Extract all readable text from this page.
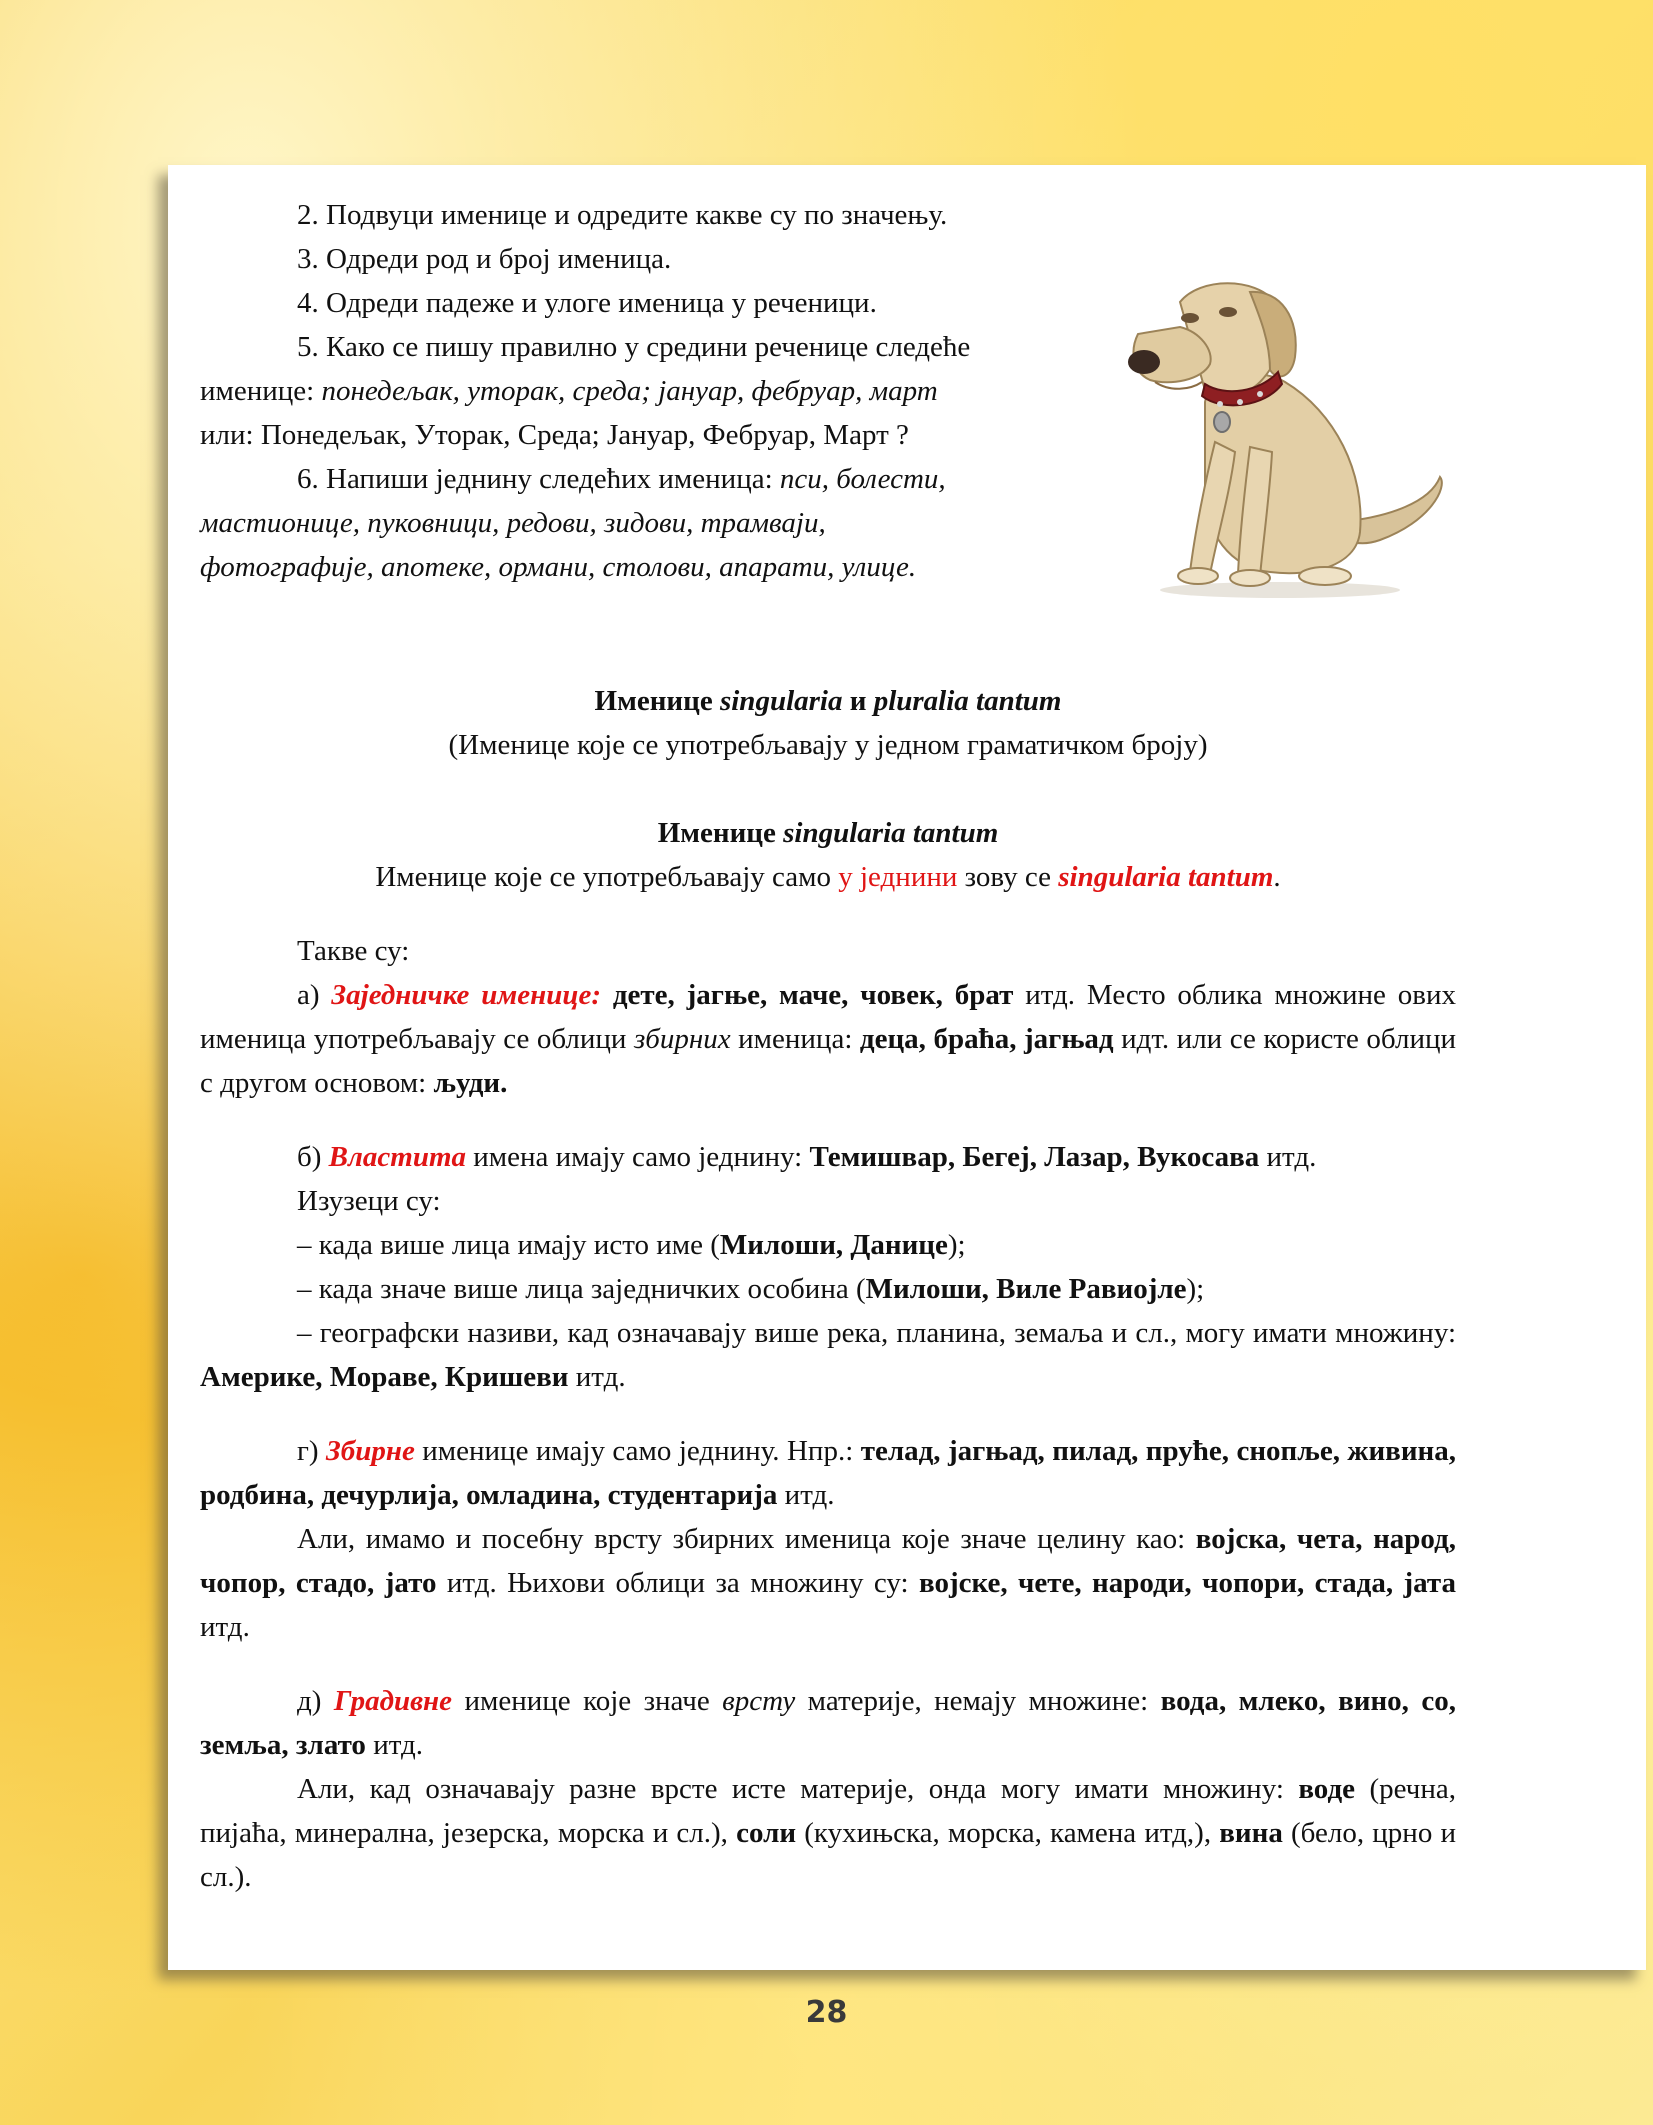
2. Подвуци именице и одредите какве су по значењу.

3. Одреди род и број именица.

4. Одреди падеже и улоге именица у реченици.

5. Како се пишу правилно у средини реченице следеће

именице: понедељак, уторак, среда; јануар, фебруар, март

или: Понедељак, Уторак, Среда; Јануар, Фебруар, Март ?

6. Напиши једнину следећих именица: пси, болести,

мастионице, пуковници, редови, зидови, трамваји,

фотографије, апотеке, ормани, столови, апарати, улице.

Именице singularia и pluralia tantum

(Именице које се употребљавају у једном граматичком броју)

Именице singularia tantum

Именице које се употребљавају само у једнини зову се singularia tantum.

Такве су:

а) Заједничке именице: дете, јагње, маче, човек, брат итд. Место облика множине ових именица употребљавају се облици збирних именица: деца, браћа, јагњад идт. или се користе облици с другом основом: људи.

б) Властита имена имају само једнину: Темишвар, Бегеј, Лазар, Вукосава итд.

Изузеци су:

– када више лица имају исто име (Милоши, Данице);

– када значе више лица заједничких особина (Милоши, Виле Равиојле);

– географски називи, кад означавају више река, планина, земаља и сл., могу имати множину: Америке, Мораве, Кришеви итд.

г) Збирне именице имају само једнину. Нпр.: телад, јагњад, пилад, пруће, снопље, живина, родбина, дечурлија, омладина, студентарија итд.

Али, имамо и посебну врсту збирних именица које значе целину као: војска, чета, народ, чопор, стадо, јато итд. Њихови облици за множину су: војске, чете, народи, чопори, стада, јата итд.

д) Градивне именице које значе врсту материје, немају множине: вода, млеко, вино, со, земља, злато итд.

Али, кад означавају разне врсте исте материје, онда могу имати множину: воде (речна, пијаћа, минерална, језерска, морска и сл.), соли (кухињска, морска, камена итд,), вина (бело, црно и сл.).

28
